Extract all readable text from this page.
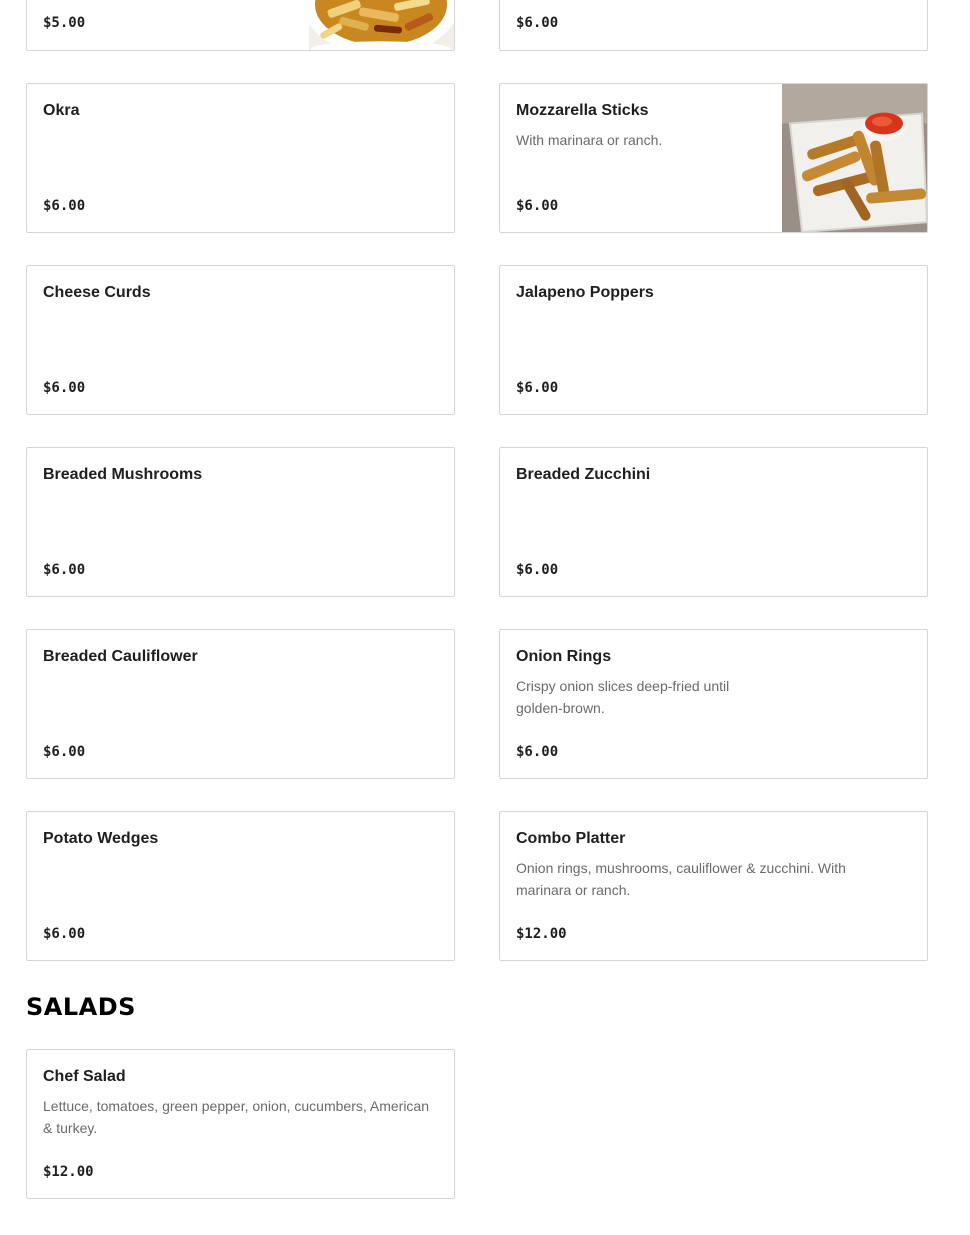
$5.00	$6.00
Okra
$6.00
Mozzarella Sticks
With marinara or ranch.
$6.00
Cheese Curds
$6.00
Jalapeno Poppers
$6.00
Breaded Mushrooms
$6.00
Breaded Zucchini
$6.00
Breaded Cauliflower
$6.00
Onion Rings
Crispy onion slices deep-fried until
golden-brown.
$6.00
Potato Wedges
$6.00
Combo Platter
Onion rings, mushrooms, cauliflower & zucchini. With
marinara or ranch.
$12.00
SALADS
Chef Salad
Lettuce, tomatoes, green pepper, onion, cucumbers, American
& turkey.
$12.00
